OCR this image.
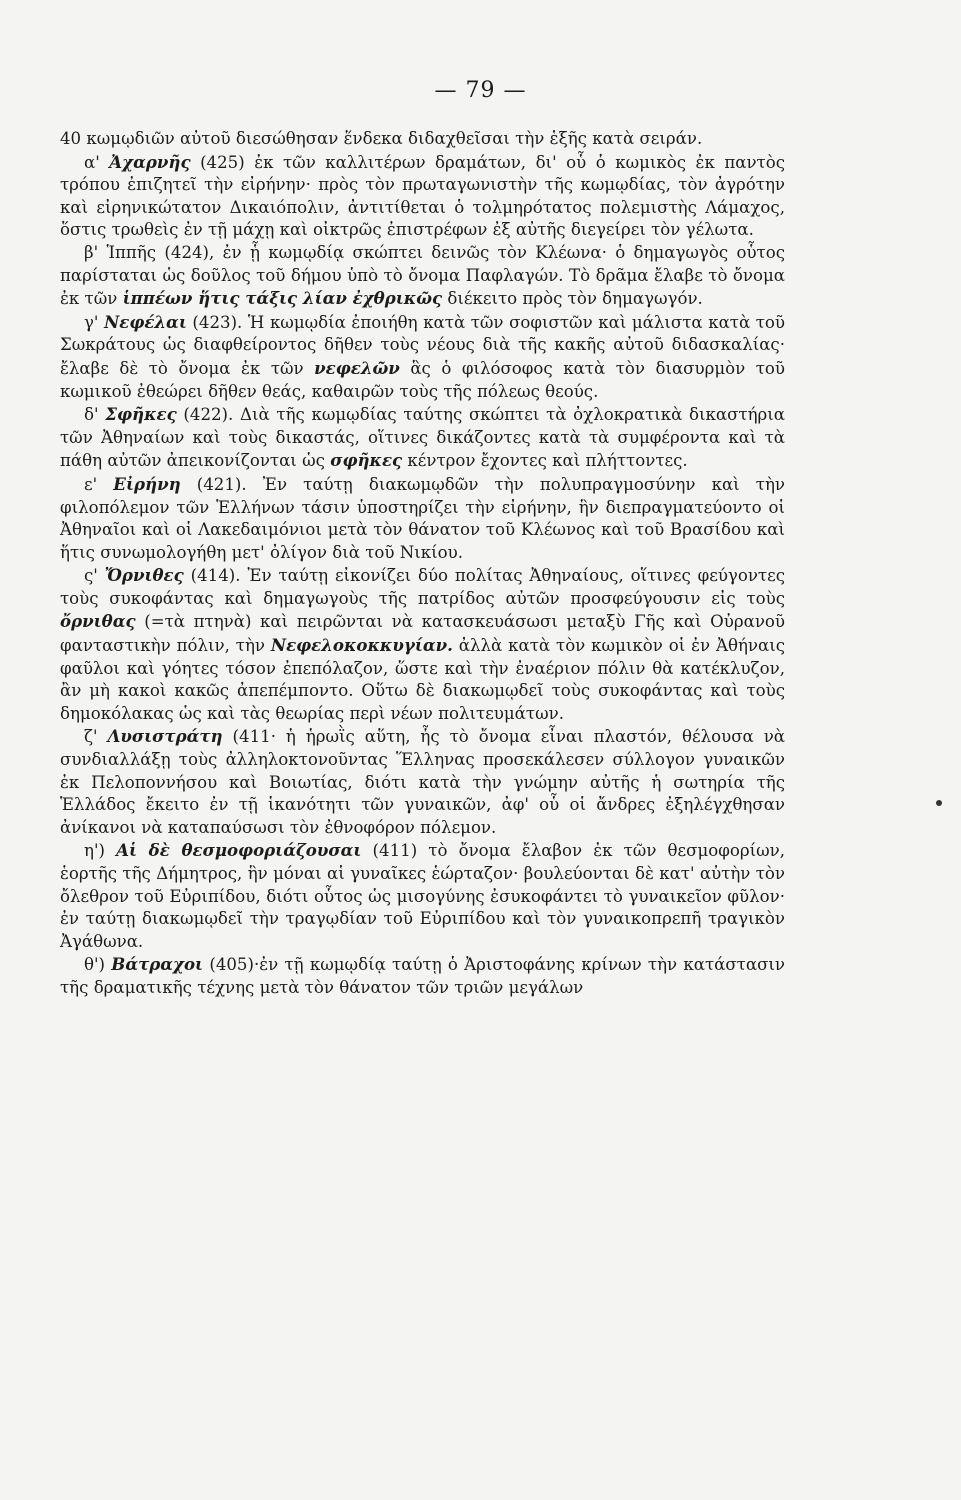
— 79 —

40 κωμῳδιῶν αὐτοῦ διεσώθησαν ἕνδεκα διδαχθεῖσαι τὴν ἑξῆς κατὰ σειράν.

α' Ἀχαρνῆς (425) ἐκ τῶν καλλιτέρων δραμάτων, δι' οὗ ὁ κωμικὸς ἐκ παντὸς τρόπου ἐπιζητεῖ τὴν εἰρήνην· πρὸς τὸν πρωταγωνιστὴν τῆς κωμῳδίας, τὸν ἀγρότην καὶ εἰρηνικώτατον Δικαιόπολιν, ἀντιτίθεται ὁ τολμηρότατος πολεμιστὴς Λάμαχος, ὅστις τρωθεὶς ἐν τῇ μάχῃ καὶ οἰκτρῶς ἐπιστρέφων ἐξ αὐτῆς διεγείρει τὸν γέλωτα.

β' Ἱππῆς (424), ἐν ᾗ κωμῳδίᾳ σκώπτει δεινῶς τὸν Κλέωνα· ὁ δημαγωγὸς οὗτος παρίσταται ὡς δοῦλος τοῦ δήμου ὑπὸ τὸ ὄνομα Παφλαγών. Τὸ δρᾶμα ἔλαβε τὸ ὄνομα ἐκ τῶν ἱππέων ἥτις τάξις λίαν ἐχθρικῶς διέκειτο πρὸς τὸν δημαγωγόν.

γ' Νεφέλαι (423). Ἡ κωμῳδία ἐποιήθη κατὰ τῶν σοφιστῶν καὶ μάλιστα κατὰ τοῦ Σωκράτους ὡς διαφθείροντος δῆθεν τοὺς νέους διὰ τῆς κακῆς αὐτοῦ διδασκαλίας· ἔλαβε δὲ τὸ ὄνομα ἐκ τῶν νεφελῶν ἃς ὁ φιλόσοφος κατὰ τὸν διασυρμὸν τοῦ κωμικοῦ ἐθεώρει δῆθεν θεάς, καθαιρῶν τοὺς τῆς πόλεως θεούς.

δ' Σφῆκες (422). Διὰ τῆς κωμῳδίας ταύτης σκώπτει τὰ ὀχλοκρατικὰ δικαστήρια τῶν Ἀθηναίων καὶ τοὺς δικαστάς, οἵτινες δικάζοντες κατὰ τὰ συμφέροντα καὶ τὰ πάθη αὐτῶν ἀπεικονίζονται ὡς σφῆκες κέντρον ἔχοντες καὶ πλήττοντες.

ε' Εἰρήνη (421). Ἐν ταύτῃ διακωμῳδῶν τὴν πολυπραγμοσύνην καὶ τὴν φιλοπόλεμον τῶν Ἑλλήνων τάσιν ὑποστηρίζει τὴν εἰρήνην, ἣν διεπραγματεύοντο οἱ Ἀθηναῖοι καὶ οἱ Λακεδαιμόνιοι μετὰ τὸν θάνατον τοῦ Κλέωνος καὶ τοῦ Βρασίδου καὶ ἥτις συνωμολογήθη μετ' ὀλίγον διὰ τοῦ Νικίου.

ς' Ὄρνιθες (414). Ἐν ταύτῃ εἰκονίζει δύο πολίτας Ἀθηναίους, οἵτινες φεύγοντες τοὺς συκοφάντας καὶ δημαγωγοὺς τῆς πατρίδος αὐτῶν προσφεύγουσιν εἰς τοὺς ὄρνιθας (=τὰ πτηνὰ) καὶ πειρῶνται νὰ κατασκευάσωσι μεταξὺ Γῆς καὶ Οὐρανοῦ φανταστικὴν πόλιν, τὴν Νεφελοκοκκυγίαν. ἀλλὰ κατὰ τὸν κωμικὸν οἱ ἐν Ἀθήναις φαῦλοι καὶ γόητες τόσον ἐπεπόλαζον, ὥστε καὶ τὴν ἐναέριον πόλιν θὰ κατέκλυζον, ἂν μὴ κακοὶ κακῶς ἀπεπέμποντο. Οὕτω δὲ διακωμῳδεῖ τοὺς συκοφάντας καὶ τοὺς δημοκόλακας ὡς καὶ τὰς θεωρίας περὶ νέων πολιτευμάτων.

ζ' Λυσιστράτη (411· ἡ ἡρωῒς αὕτη, ἧς τὸ ὄνομα εἶναι πλαστόν, θέλουσα νὰ συνδιαλλάξῃ τοὺς ἀλληλοκτονοῦντας Ἕλληνας προσεκάλεσεν σύλλογον γυναικῶν ἐκ Πελοποννήσου καὶ Βοιωτίας, διότι κατὰ τὴν γνώμην αὐτῆς ἡ σωτηρία τῆς Ἑλλάδος ἔκειτο ἐν τῇ ἱκανότητι τῶν γυναικῶν, ἀφ' οὗ οἱ ἄνδρες ἐξηλέγχθησαν ἀνίκανοι νὰ καταπαύσωσι τὸν ἐθνοφόρον πόλεμον.

η') Αἱ δὲ θεσμοφοριάζουσαι (411) τὸ ὄνομα ἔλαβον ἐκ τῶν θεσμοφορίων, ἑορτῆς τῆς Δήμητρος, ἣν μόναι αἱ γυναῖκες ἑώρταζον· βουλεύονται δὲ κατ' αὐτὴν τὸν ὄλεθρον τοῦ Εὐριπίδου, διότι οὗτος ὡς μισογύνης ἐσυκοφάντει τὸ γυναικεῖον φῦλον· ἐν ταύτῃ διακωμῳδεῖ τὴν τραγῳδίαν τοῦ Εὐριπίδου καὶ τὸν γυναικοπρεπῆ τραγικὸν Ἀγάθωνα.

θ') Βάτραχοι (405)·ἐν τῇ κωμῳδίᾳ ταύτῃ ὁ Ἀριστοφάνης κρίνων τὴν κατάστασιν τῆς δραματικῆς τέχνης μετὰ τὸν θάνατον τῶν τριῶν μεγάλων
